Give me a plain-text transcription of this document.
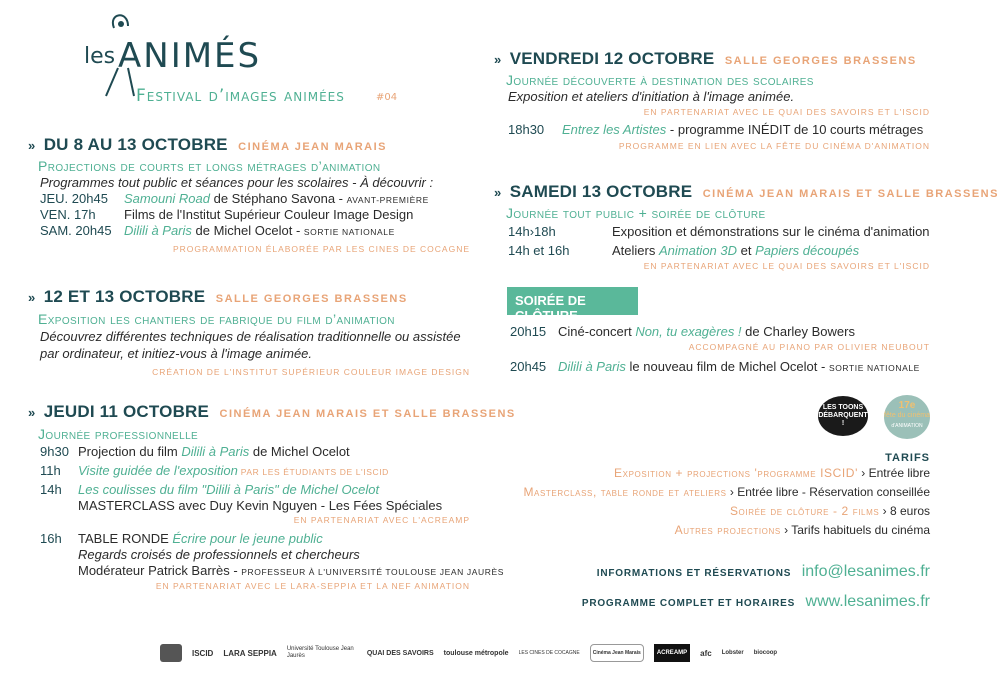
les ANIMÉS
Festival d’images animées	#04
» DU 8 AU 13 OCTOBRE CINÉMA JEAN MARAIS
Projections de courts et longs métrages d’animation
Programmes tout public et séances pour les scolaires - À découvrir :
JEU. 20h45 Samouni Road de Stéphano Savona - AVANT-PREMIÈRE
VEN. 17h Films de l'Institut Supérieur Couleur Image Design
SAM. 20h45 Dilili à Paris de Michel Ocelot - SORTIE NATIONALE
PROGRAMMATION ÉLABORÉE PAR LES CINES DE COCAGNE
» 12 ET 13 OCTOBRE SALLE GEORGES BRASSENS
Exposition les chantiers de fabrique du film d’animation
Découvrez différentes techniques de réalisation traditionnelle ou assistée par ordinateur, et initiez-vous à l'image animée.
CRÉATION DE L'INSTITUT SUPÉRIEUR COULEUR IMAGE DESIGN
» JEUDI 11 OCTOBRE CINÉMA JEAN MARAIS ET SALLE BRASSENS
Journée professionnelle
9h30 Projection du film Dilili à Paris de Michel Ocelot
11h Visite guidée de l'exposition PAR LES ÉTUDIANTS DE L'ISCID
14h Les coulisses du film "Dilili à Paris" de Michel Ocelot
MASTERCLASS avec Duy Kevin Nguyen - Les Fées Spéciales
EN PARTENARIAT AVEC L'ACREAMP
16h TABLE RONDE Écrire pour le jeune public
Regards croisés de professionnels et chercheurs
Modérateur Patrick Barrès - PROFESSEUR À L'UNIVERSITÉ TOULOUSE JEAN JAURÈS
EN PARTENARIAT AVEC LE LARA-SEPPIA ET LA NEF ANIMATION
» VENDREDI 12 OCTOBRE SALLE GEORGES BRASSENS
Journée découverte à destination des scolaires
Exposition et ateliers d'initiation à l'image animée.
EN PARTENARIAT AVEC LE QUAI DES SAVOIRS ET L'ISCID
18h30 Entrez les Artistes - programme INÉDIT de 10 courts métrages
PROGRAMME EN LIEN AVEC LA FÊTE DU CINÉMA D'ANIMATION
» SAMEDI 13 OCTOBRE CINÉMA JEAN MARAIS ET SALLE BRASSENS
Journée tout public + soirée de clôture
14h›18h	Exposition et démonstrations sur le cinéma d'animation
14h et 16h	Ateliers Animation 3D et Papiers découpés
EN PARTENARIAT AVEC LE QUAI DES SAVOIRS ET L'ISCID
SOIRÉE DE CLÔTURE
20h15 Ciné-concert Non, tu exagères ! de Charley Bowers
ACCOMPAGNÉ AU PIANO PAR OLIVIER NEUBOUT
20h45 Dilili à Paris le nouveau film de Michel Ocelot - SORTIE NATIONALE
LES TOONS DÉBARQUENT !
17e
fête du cinéma
d'ANIMATION
TARIFS
Exposition + projections 'programme ISCID' › Entrée libre
Masterclass, table ronde et ateliers › Entrée libre - Réservation conseillée
Soirée de clôture - 2 films › 8 euros
Autres projections › Tarifs habituels du cinéma
INFORMATIONS ET RÉSERVATIONS info@lesanimes.fr
PROGRAMME COMPLET ET HORAIRES www.lesanimes.fr
ISCID LARA SEPPIA Université Toulouse Jean Jaurès	QUAI DES SAVOIRS toulouse métropole LES CINES DE COCAGNE	Cinéma Jean Marais	ACREAMP	afc Lobster biocoop
